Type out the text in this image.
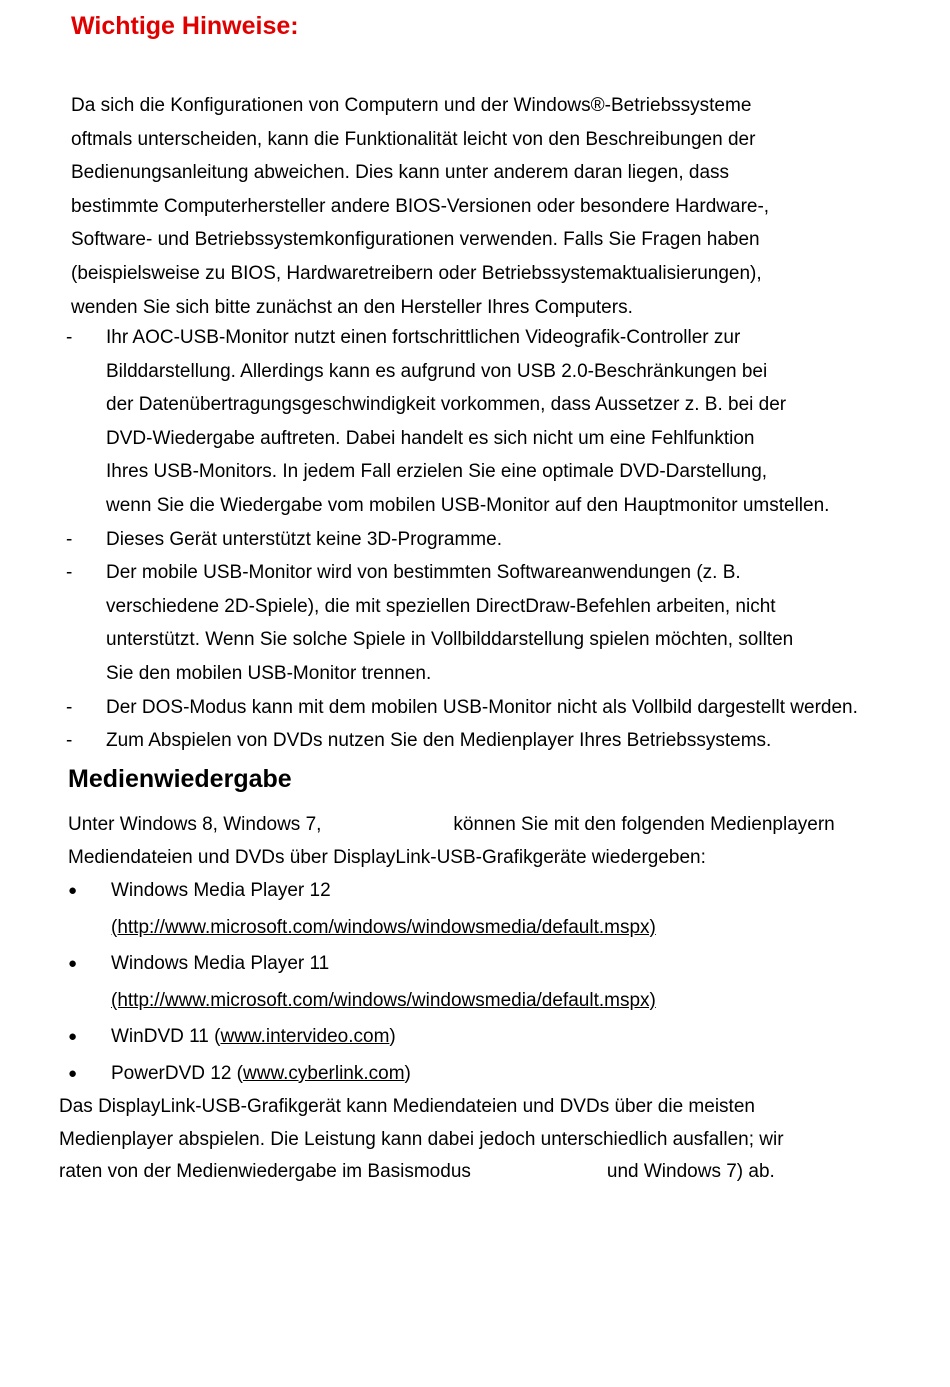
Wichtige Hinweise:

Da sich die Konfigurationen von Computern und der Windows®-Betriebssysteme
oftmals unterscheiden, kann die Funktionalität leicht von den Beschreibungen der
Bedienungsanleitung abweichen. Dies kann unter anderem daran liegen, dass
bestimmte Computerhersteller andere BIOS-Versionen oder besondere Hardware-,
Software- und Betriebssystemkonfigurationen verwenden. Falls Sie Fragen haben
(beispielsweise zu BIOS, Hardwaretreibern oder Betriebssystemaktualisierungen),
wenden Sie sich bitte zunächst an den Hersteller Ihres Computers.

- Ihr AOC-USB-Monitor nutzt einen fortschrittlichen Videografik-Controller zur
Bilddarstellung. Allerdings kann es aufgrund von USB 2.0-Beschränkungen bei
der Datenübertragungsgeschwindigkeit vorkommen, dass Aussetzer z. B. bei der
DVD-Wiedergabe auftreten. Dabei handelt es sich nicht um eine Fehlfunktion
Ihres USB-Monitors. In jedem Fall erzielen Sie eine optimale DVD-Darstellung,
wenn Sie die Wiedergabe vom mobilen USB-Monitor auf den Hauptmonitor umstellen.
- Dieses Gerät unterstützt keine 3D-Programme.
- Der mobile USB-Monitor wird von bestimmten Softwareanwendungen (z. B.
verschiedene 2D-Spiele), die mit speziellen DirectDraw-Befehlen arbeiten, nicht
unterstützt. Wenn Sie solche Spiele in Vollbilddarstellung spielen möchten, sollten
Sie den mobilen USB-Monitor trennen.
- Der DOS-Modus kann mit dem mobilen USB-Monitor nicht als Vollbild dargestellt werden.
- Zum Abspielen von DVDs nutzen Sie den Medienplayer Ihres Betriebssystems.
Medienwiedergabe

Unter Windows 8, Windows 7,	können Sie mit den folgenden Medienplayern
Mediendateien und DVDs über DisplayLink-USB-Grafikgeräte wiedergeben:

● Windows Media Player 12
(http://www.microsoft.com/windows/windowsmedia/default.mspx)
● Windows Media Player 11
(http://www.microsoft.com/windows/windowsmedia/default.mspx)
● WinDVD 11 (www.intervideo.com)
● PowerDVD 12 (www.cyberlink.com)

Das DisplayLink-USB-Grafikgerät kann Mediendateien und DVDs über die meisten
Medienplayer abspielen. Die Leistung kann dabei jedoch unterschiedlich ausfallen; wir
raten von der Medienwiedergabe im Basismodus	und Windows 7) ab.
